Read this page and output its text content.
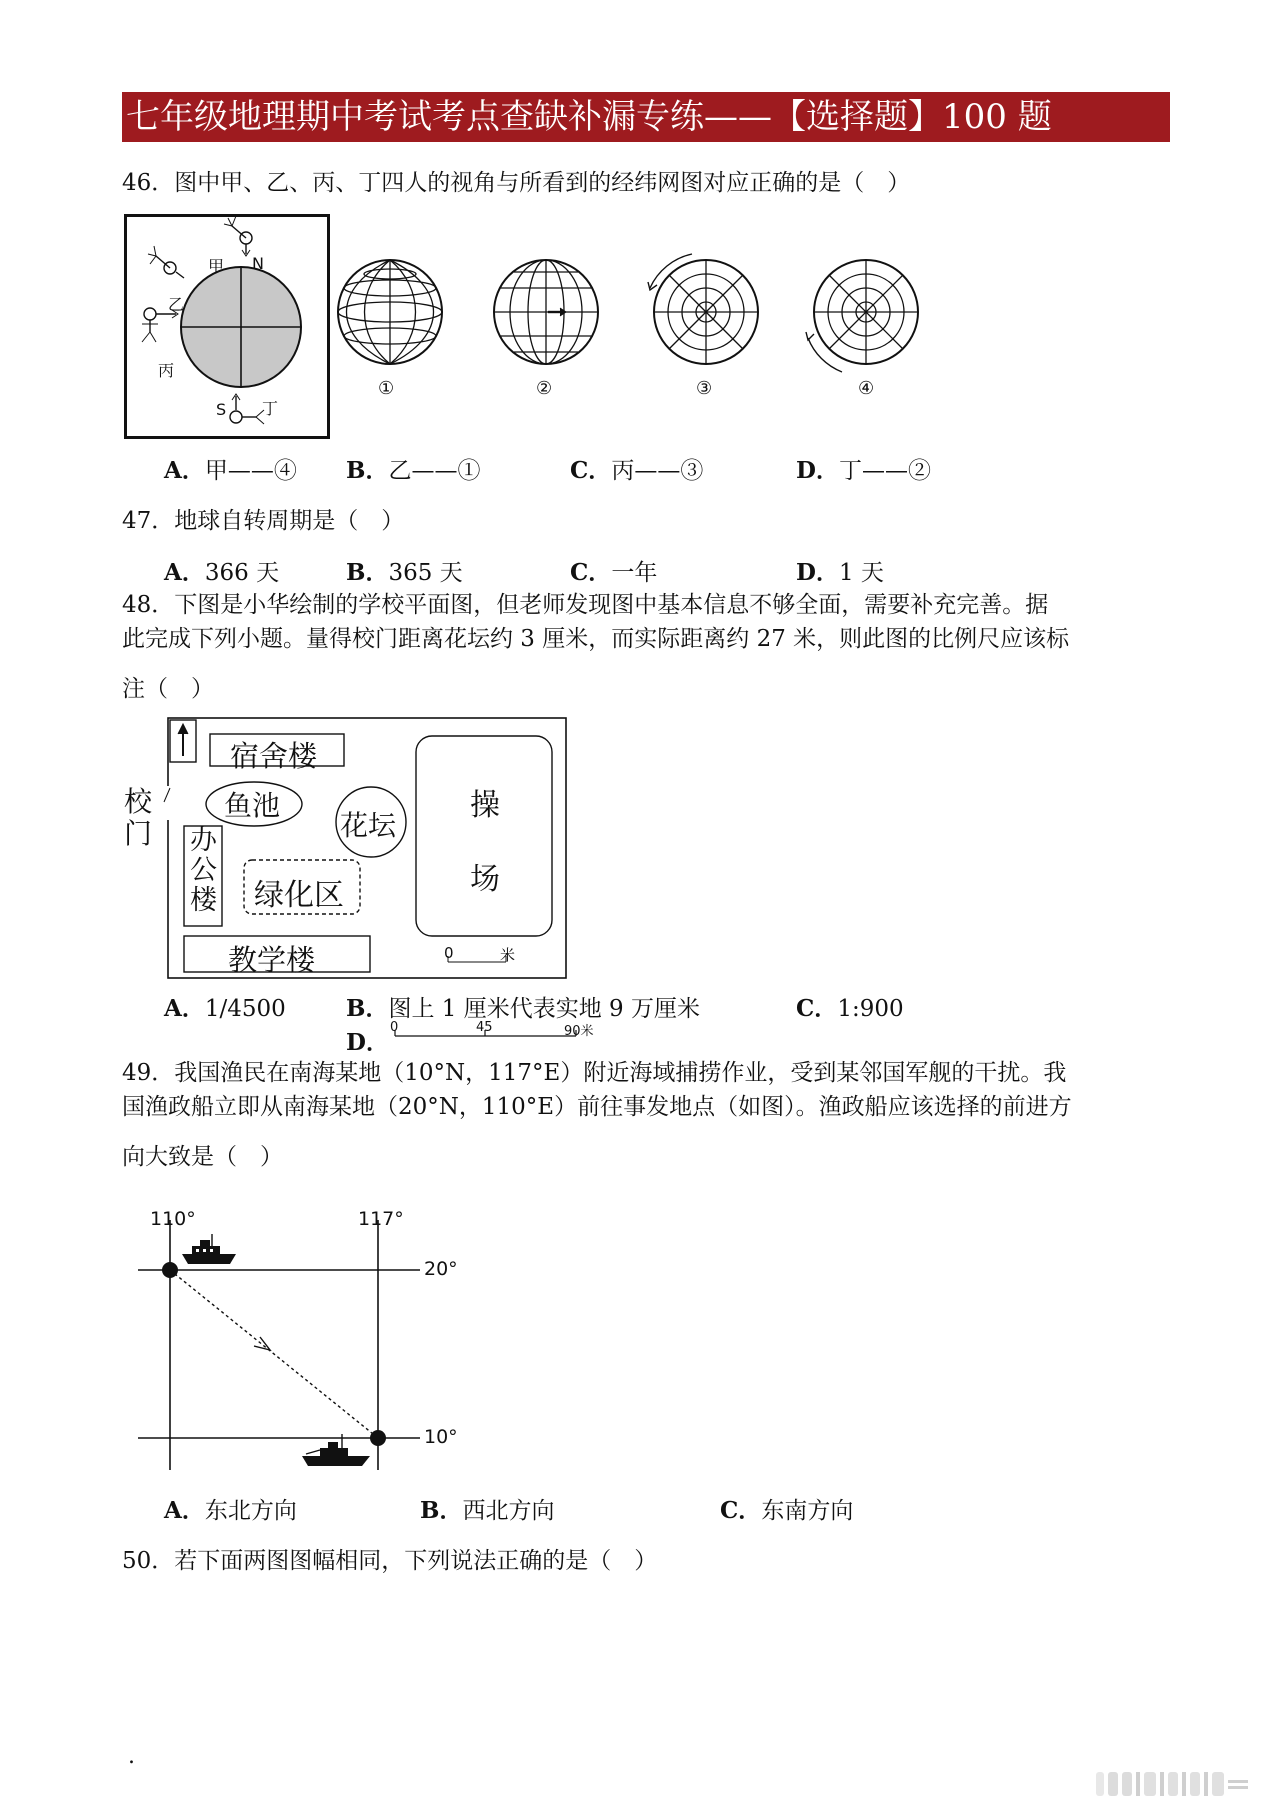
七年级地理期中考试考点查缺补漏专练——【选择题】100 题
46．图中甲、乙、丙、丁四人的视角与所看到的经纬网图对应正确的是（　）
甲
乙
丙
丁
N
S
①	②	③	④
A．甲——④ B．乙——①	C．丙——③	D．丁——②
47．地球自转周期是（　）
A．366 天	B．365 天	C．一年	D．1 天
48．下图是小华绘制的学校平面图，但老师发现图中基本信息不够全面，需要补充完善。据
此完成下列小题。量得校门距离花坛约 3 厘米，而实际距离约 27 米，则此图的比例尺应该标
注（　）
校
门
宿舍楼
鱼池
花坛
操
场
办
公
楼 绿化区
教学楼	0	米
A．1/4500	B．图上 1 厘米代表实地 9 万厘米	C．1:900
D．
0	45	90米
49．我国渔民在南海某地（10°N，117°E）附近海域捕捞作业，受到某邻国军舰的干扰。我
国渔政船立即从南海某地（20°N，110°E）前往事发地点（如图）。渔政船应该选择的前进方
向大致是（　）
110°	117°
20°
10°
A．东北方向	B．西北方向	C．东南方向
50．若下面两图图幅相同，下列说法正确的是（　）
.
